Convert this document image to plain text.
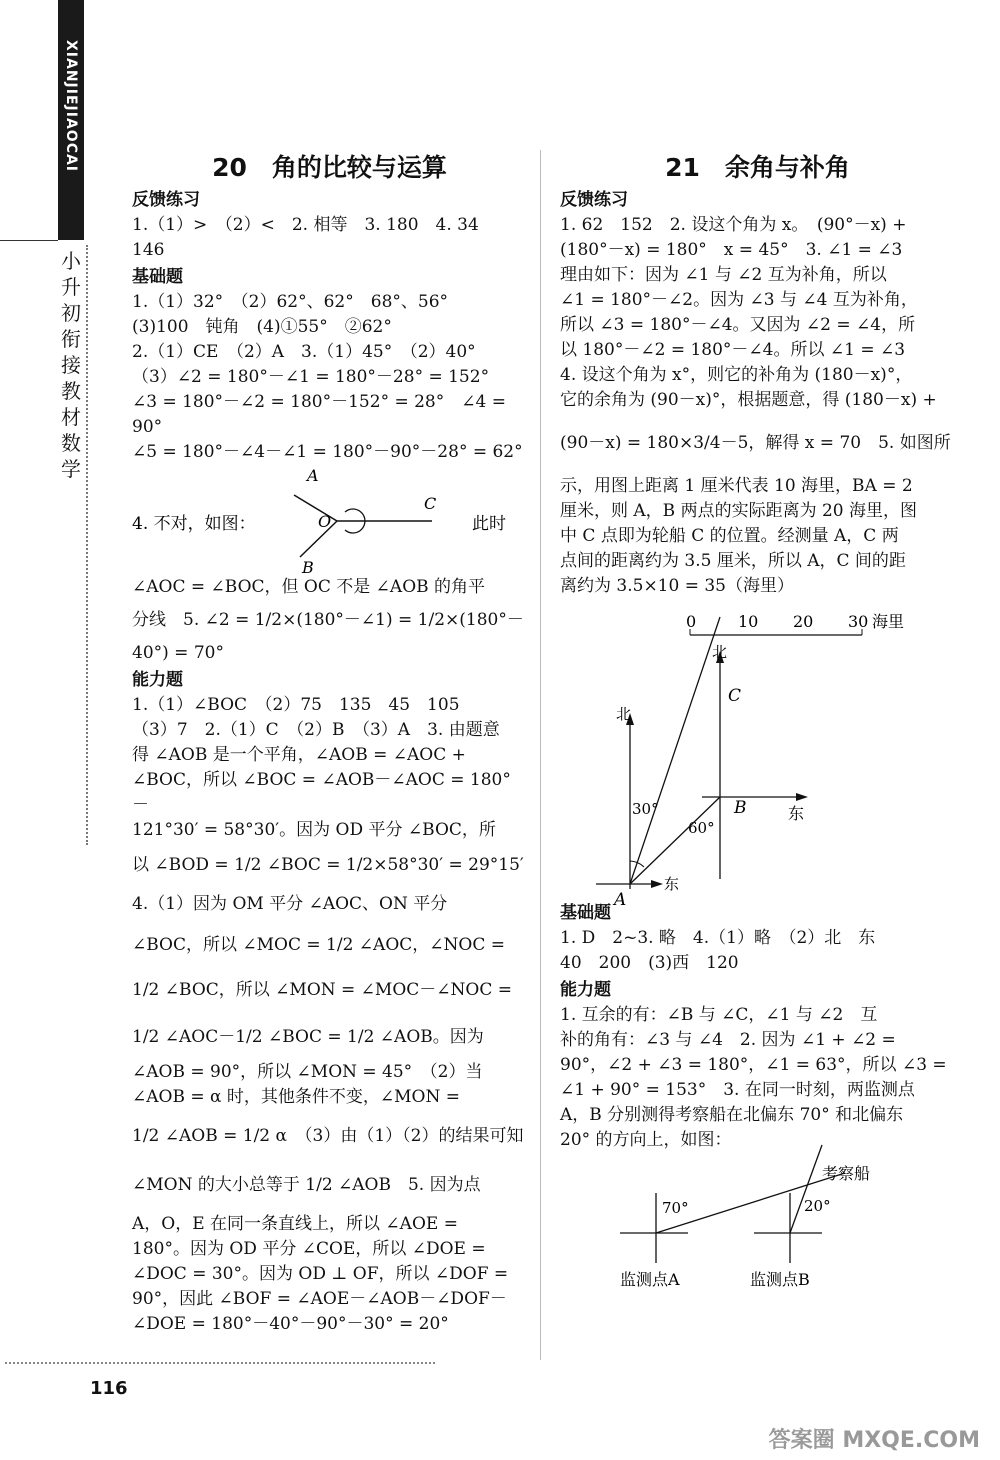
XIANJIEJIAOCAI
小升初衔接教材 数学
20　角的比较与运算
反馈练习

1.（1）>　（2）<　2. 相等　3. 180　4. 34

146

基础题

1.（1）32°　（2）62°、62°　68°、56°

(3)100　钝角　(4)①55°　②62°

2.（1）CE　（2）A　3.（1）45°　（2）40°

（3）∠2 = 180°－∠1 = 180°－28° = 152°

∠3 = 180°－∠2 = 180°－152° = 28°　∠4 = 90°

∠5 = 180°－∠4－∠1 = 180°－90°－28° = 62°

4. 不对，如图：	此时
A
O
C
B

∠AOC = ∠BOC，但 OC 不是 ∠AOB 的角平

分线　5. ∠2 = 1/2×(180°－∠1) = 1/2×(180°－

40°) = 70°

能力题

1.（1）∠BOC　（2）75　135　45　105

（3）7　2.（1）C　（2）B　（3）A　3. 由题意

得 ∠AOB 是一个平角，∠AOB = ∠AOC +

∠BOC，所以 ∠BOC = ∠AOB－∠AOC = 180°－

121°30′ = 58°30′。因为 OD 平分 ∠BOC，所

以 ∠BOD = 1/2 ∠BOC = 1/2×58°30′ = 29°15′

4.（1）因为 OM 平分 ∠AOC、ON 平分

∠BOC，所以 ∠MOC = 1/2 ∠AOC，∠NOC =

1/2 ∠BOC，所以 ∠MON = ∠MOC－∠NOC =

1/2 ∠AOC－1/2 ∠BOC = 1/2 ∠AOB。因为

∠AOB = 90°，所以 ∠MON = 45°　（2）当

∠AOB = α 时，其他条件不变，∠MON =

1/2 ∠AOB = 1/2 α　（3）由（1）（2）的结果可知

∠MON 的大小总等于 1/2 ∠AOB　5. 因为点

A，O，E 在同一条直线上，所以 ∠AOE =

180°。因为 OD 平分 ∠COE，所以 ∠DOE =

∠DOC = 30°。因为 OD ⊥ OF，所以 ∠DOF =

90°，因此 ∠BOF = ∠AOE－∠AOB－∠DOF－

∠DOE = 180°－40°－90°－30° = 20°

21　余角与补角
反馈练习

1. 62　152　2. 设这个角为 x。　(90°－x) +

(180°－x) = 180°　x = 45°　3. ∠1 = ∠3

理由如下：因为 ∠1 与 ∠2 互为补角，所以

∠1 = 180°－∠2。因为 ∠3 与 ∠4 互为补角，

所以 ∠3 = 180°－∠4。又因为 ∠2 = ∠4，所

以 180°－∠2 = 180°－∠4。所以 ∠1 = ∠3

4. 设这个角为 x°，则它的补角为 (180－x)°，

它的余角为 (90－x)°，根据题意，得 (180－x) +

(90－x) = 180×3/4－5，解得 x = 70　5. 如图所

示，用图上距离 1 厘米代表 10 海里，BA = 2

厘米，则 A，B 两点的实际距离为 20 海里，图

中 C 点即为轮船 C 的位置。经测量 A，C 两

点间的距离约为 3.5 厘米，所以 A，C 间的距

离约为 3.5×10 = 35（海里）

0	10 20 30 海里
北
C
北
30°	B	东
60°
东
A
基础题

1. D　2~3. 略　4.（1）略　（2）北　东

40　200　(3)西　120

能力题

1. 互余的有：∠B 与 ∠C，∠1 与 ∠2　互

补的角有：∠3 与 ∠4　2. 因为 ∠1 + ∠2 =

90°，∠2 + ∠3 = 180°，∠1 = 63°，所以 ∠3 =

∠1 + 90° = 153°　3. 在同一时刻，两监测点

A，B 分别测得考察船在北偏东 70° 和北偏东

20° 的方向上，如图：

70°	20°
考察船
监测点A	监测点B
116
答案圈 MXQE.COM
